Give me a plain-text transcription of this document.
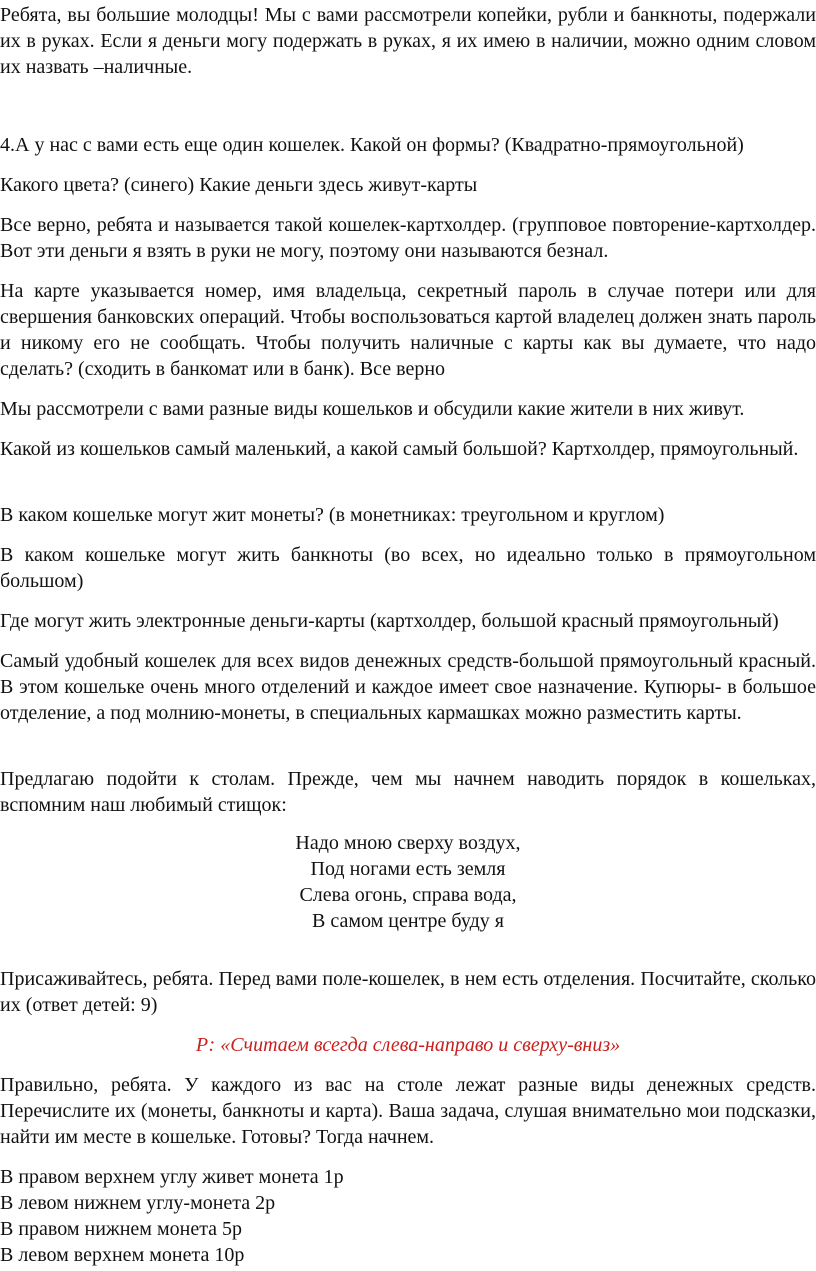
Ребята, вы большие молодцы! Мы с вами рассмотрели копейки, рубли и банкноты, подержали их в руках. Если я деньги могу подержать в руках, я их имею в наличии, можно одним словом их назвать –наличные.

4.А у нас с вами есть еще один кошелек. Какой он формы? (Квадратно-прямоугольной)

Какого цвета? (синего) Какие деньги здесь живут-карты

Все верно, ребята и называется такой кошелек-картхолдер. (групповое повторение-картхолдер. Вот эти деньги я взять в руки не могу, поэтому они называются безнал.

На карте указывается номер, имя владельца, секретный пароль в случае потери или для свершения банковских операций. Чтобы воспользоваться картой владелец должен знать пароль и никому его не сообщать. Чтобы получить наличные с карты как вы думаете, что надо сделать? (сходить в банкомат или в банк). Все верно

Мы рассмотрели с вами разные виды кошельков и обсудили какие жители в них живут.

Какой из кошельков самый маленький, а какой самый большой? Картхолдер, прямоугольный.

В каком кошельке могут жит монеты? (в монетниках: треугольном и круглом)

В каком кошельке могут жить банкноты (во всех, но идеально только в прямоугольном большом)

Где могут жить электронные деньги-карты (картхолдер, большой красный прямоугольный)

Самый удобный кошелек для всех видов денежных средств-большой прямоугольный красный. В этом кошельке очень много отделений и каждое имеет свое назначение. Купюры- в большое отделение, а под молнию-монеты, в специальных кармашках можно разместить карты.

Предлагаю подойти к столам. Прежде, чем мы начнем наводить порядок в кошельках, вспомним наш любимый стищок:

Надо мною сверху воздух,
Под ногами есть земля
Слева огонь, справа вода,
В самом центре буду я

Присаживайтесь, ребята. Перед вами поле-кошелек, в нем есть отделения. Посчитайте, сколько их (ответ детей: 9)

Р: «Считаем всегда слева-направо и сверху-вниз»

Правильно, ребята. У каждого из вас на столе лежат разные виды денежных средств. Перечислите их (монеты, банкноты и карта). Ваша задача, слушая внимательно мои подсказки, найти им месте в кошельке. Готовы? Тогда начнем.

В правом верхнем углу живет монета 1р
В левом нижнем углу-монета 2р
В правом нижнем монета 5р
В левом верхнем монета 10р
